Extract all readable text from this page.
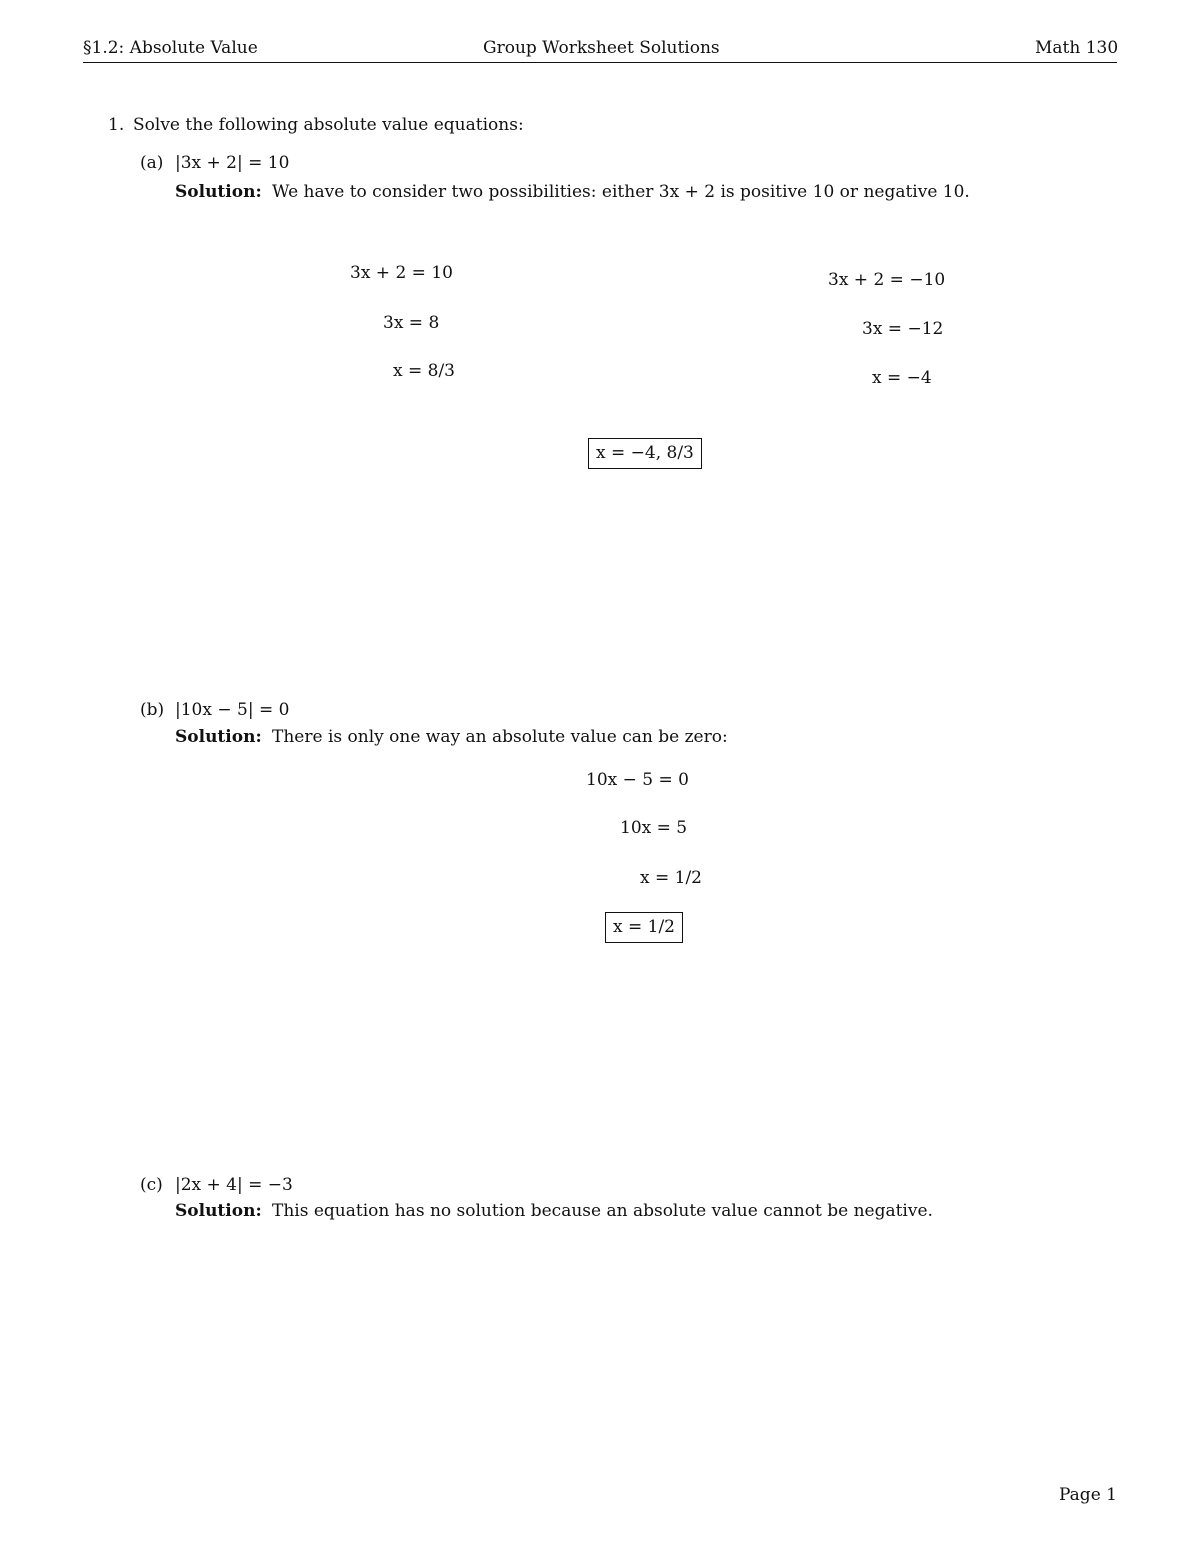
§1.2: Absolute Value	Group Worksheet Solutions	Math 130
1. Solve the following absolute value equations:
(a) |3x + 2| = 10
Solution: We have to consider two possibilities: either 3x + 2 is positive 10 or negative 10.
3x + 2 = 10
3x = 8
x = 8/3
3x + 2 = −10
3x = −12
x = −4
x = −4, 8/3
(b) |10x − 5| = 0
Solution: There is only one way an absolute value can be zero:
10x − 5 = 0
10x = 5
x = 1/2
x = 1/2
(c) |2x + 4| = −3
Solution: This equation has no solution because an absolute value cannot be negative.
Page 1
